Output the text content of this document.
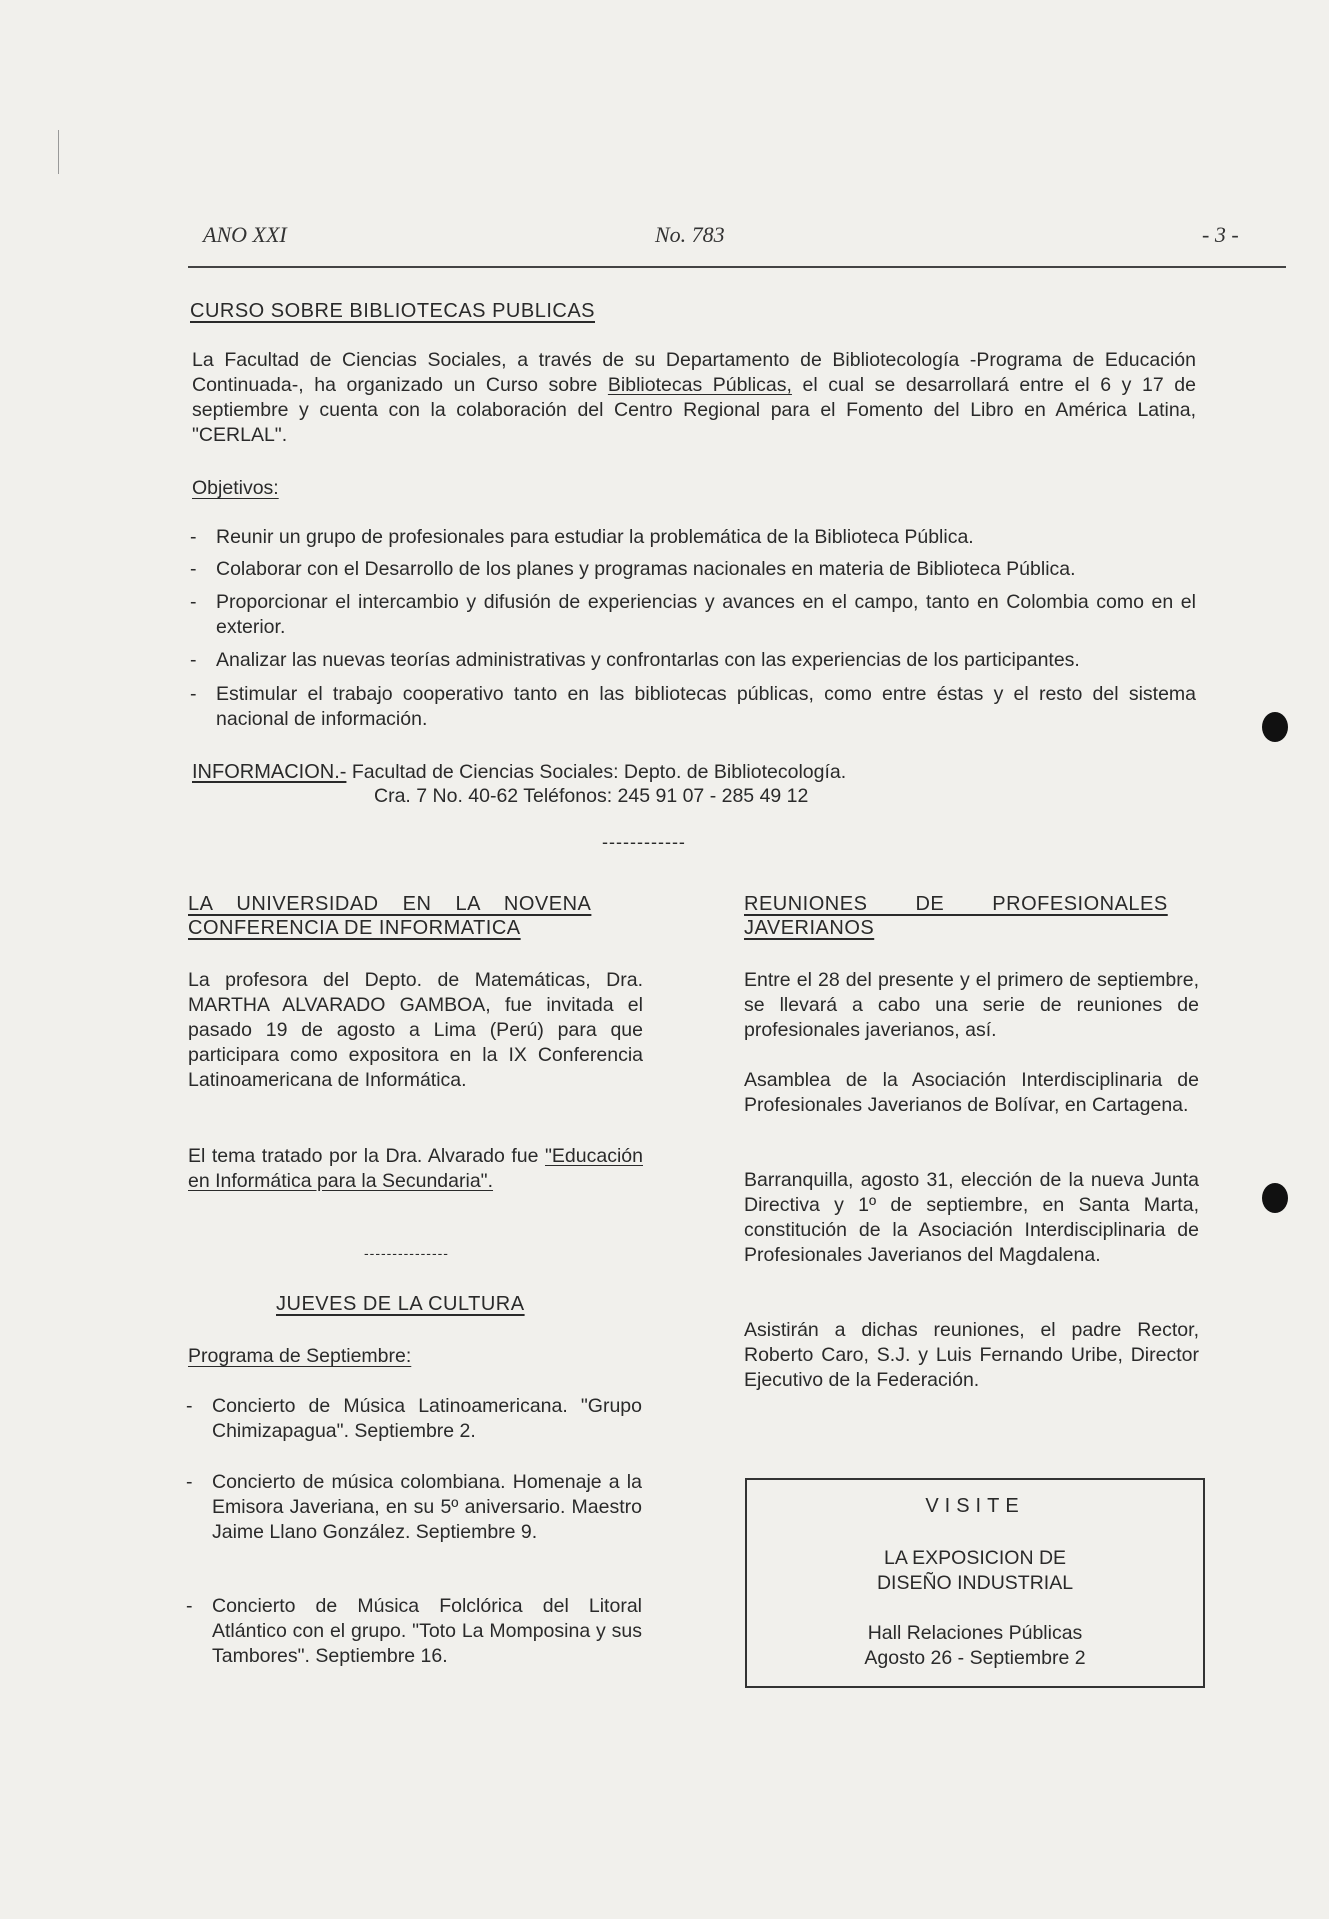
ANO XXI	No. 783	- 3 -
CURSO SOBRE BIBLIOTECAS PUBLICAS

La Facultad de Ciencias Sociales, a través de su Departamento de Bibliotecología -Programa de Educación Continuada-, ha organizado un Curso sobre Bibliotecas Públicas, el cual se desarrollará entre el 6 y 17 de septiembre y cuenta con la colaboración del Centro Regional para el Fomento del Libro en América Latina, "CERLAL".

Objetivos:
- Reunir un grupo de profesionales para estudiar la problemática de la Biblioteca Pública.
- Colaborar con el Desarrollo de los planes y programas nacionales en materia de Biblioteca Pública.
- Proporcionar el intercambio y difusión de experiencias y avances en el campo, tanto en Colombia como en el exterior.
- Analizar las nuevas teorías administrativas y confrontarlas con las experiencias de los participantes.
- Estimular el trabajo cooperativo tanto en las bibliotecas públicas, como entre éstas y el resto del sistema nacional de información.
INFORMACION.- Facultad de Ciencias Sociales: Depto. de Bibliotecología.
Cra. 7 No. 40-62 Teléfonos: 245 91 07 - 285 49 12
------------
LA UNIVERSIDAD EN LA NOVENA
CONFERENCIA DE INFORMATICA

La profesora del Depto. de Matemáticas, Dra. MARTHA ALVARADO GAMBOA, fue invitada el pasado 19 de agosto a Lima (Perú) para que participara como expositora en la IX Conferencia Latinoamericana de Informática.

El tema tratado por la Dra. Alvarado fue "Educación en Informática para la Secundaria".

---------------
JUEVES DE LA CULTURA
Programa de Septiembre:
- Concierto de Música Latinoamericana. "Grupo Chimizapagua". Septiembre 2.
- Concierto de música colombiana. Homenaje a la Emisora Javeriana, en su 5º aniversario. Maestro Jaime Llano González. Septiembre 9.
- Concierto de Música Folclórica del Litoral Atlántico con el grupo. "Toto La Momposina y sus Tambores". Septiembre 16.
REUNIONES DE PROFESIONALES
JAVERIANOS

Entre el 28 del presente y el primero de septiembre, se llevará a cabo una serie de reuniones de profesionales javerianos, así.

Asamblea de la Asociación Interdisciplinaria de Profesionales Javerianos de Bolívar, en Cartagena.

Barranquilla, agosto 31, elección de la nueva Junta Directiva y 1º de septiembre, en Santa Marta, constitución de la Asociación Interdisciplinaria de Profesionales Javerianos del Magdalena.

Asistirán a dichas reuniones, el padre Rector, Roberto Caro, S.J. y Luis Fernando Uribe, Director Ejecutivo de la Federación.

VISITE
LA EXPOSICION DE
DISEÑO INDUSTRIAL
Hall Relaciones Públicas
Agosto 26 - Septiembre 2
